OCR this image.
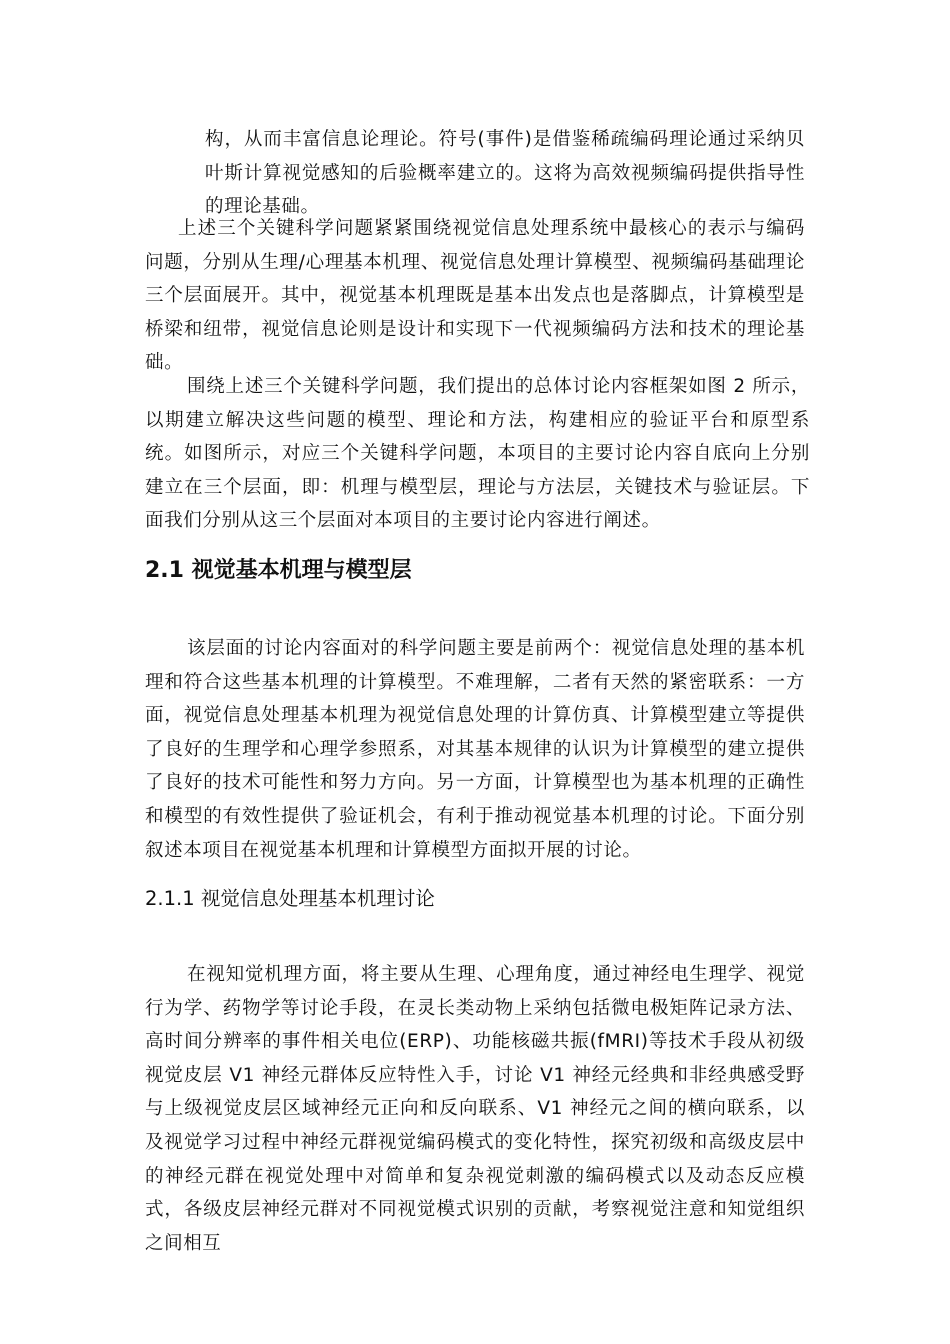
构，从而丰富信息论理论。符号(事件)是借鉴稀疏编码理论通过采纳贝叶斯计算视觉感知的后验概率建立的。这将为高效视频编码提供指导性的理论基础。

上述三个关键科学问题紧紧围绕视觉信息处理系统中最核心的表示与编码问题，分别从生理/心理基本机理、视觉信息处理计算模型、视频编码基础理论三个层面展开。其中，视觉基本机理既是基本出发点也是落脚点，计算模型是桥梁和纽带，视觉信息论则是设计和实现下一代视频编码方法和技术的理论基础。

围绕上述三个关键科学问题，我们提出的总体讨论内容框架如图 2 所示，以期建立解决这些问题的模型、理论和方法，构建相应的验证平台和原型系统。如图所示，对应三个关键科学问题，本项目的主要讨论内容自底向上分别建立在三个层面，即：机理与模型层，理论与方法层，关键技术与验证层。下面我们分别从这三个层面对本项目的主要讨论内容进行阐述。

2.1 视觉基本机理与模型层

该层面的讨论内容面对的科学问题主要是前两个：视觉信息处理的基本机理和符合这些基本机理的计算模型。不难理解，二者有天然的紧密联系：一方面，视觉信息处理基本机理为视觉信息处理的计算仿真、计算模型建立等提供了良好的生理学和心理学参照系，对其基本规律的认识为计算模型的建立提供了良好的技术可能性和努力方向。另一方面，计算模型也为基本机理的正确性和模型的有效性提供了验证机会，有利于推动视觉基本机理的讨论。下面分别叙述本项目在视觉基本机理和计算模型方面拟开展的讨论。

2.1.1 视觉信息处理基本机理讨论

在视知觉机理方面，将主要从生理、心理角度，通过神经电生理学、视觉行为学、药物学等讨论手段，在灵长类动物上采纳包括微电极矩阵记录方法、高时间分辨率的事件相关电位(ERP)、功能核磁共振(fMRI)等技术手段从初级视觉皮层 V1 神经元群体反应特性入手，讨论 V1 神经元经典和非经典感受野与上级视觉皮层区域神经元正向和反向联系、V1 神经元之间的横向联系，以及视觉学习过程中神经元群视觉编码模式的变化特性，探究初级和高级皮层中的神经元群在视觉处理中对简单和复杂视觉刺激的编码模式以及动态反应模式，各级皮层神经元群对不同视觉模式识别的贡献，考察视觉注意和知觉组织之间相互
